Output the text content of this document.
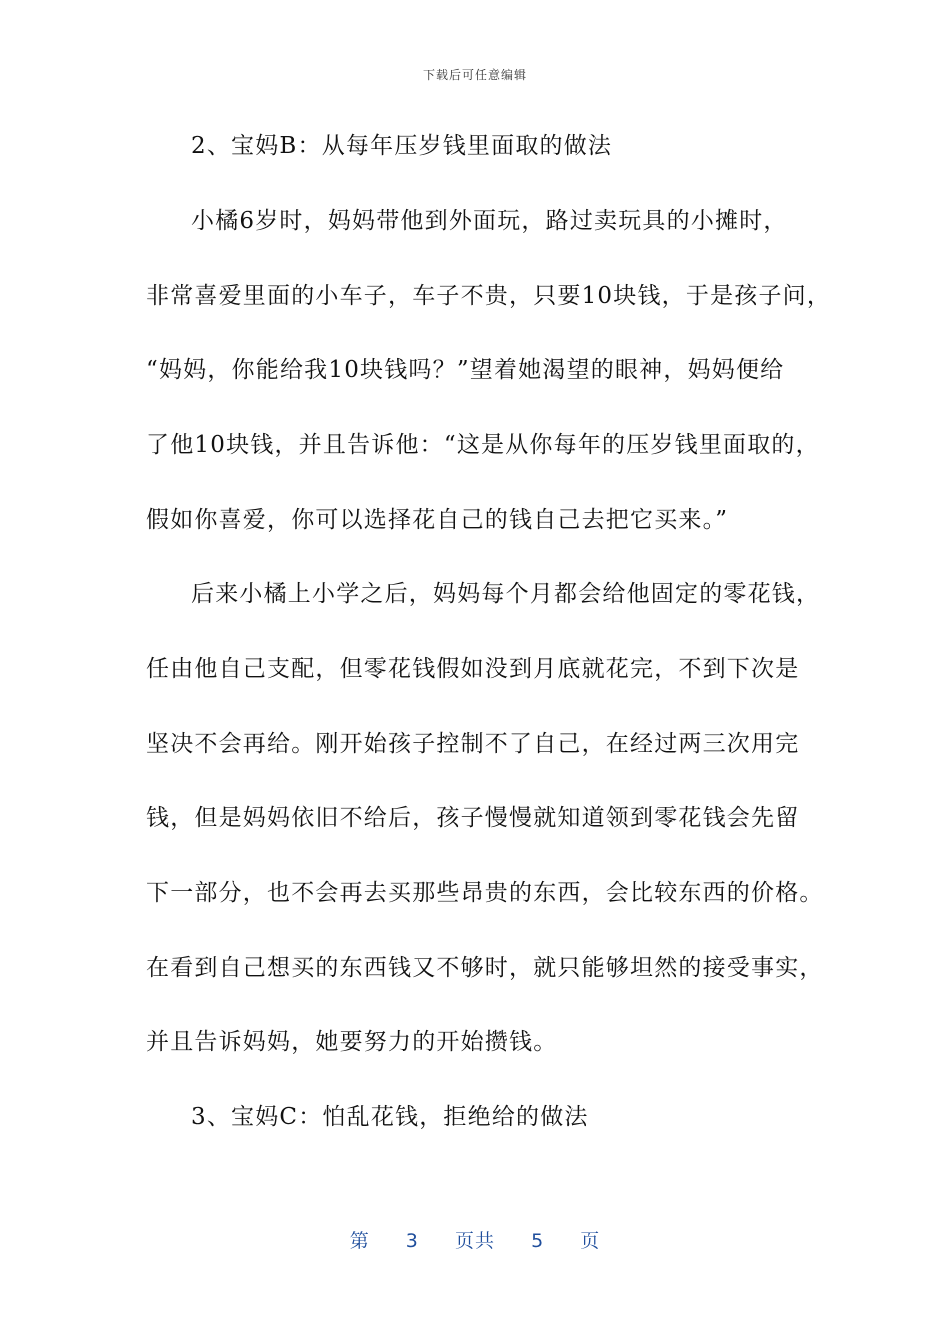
下载后可任意编辑
2、宝妈B：从每年压岁钱里面取的做法
小橘6岁时，妈妈带他到外面玩，路过卖玩具的小摊时，
非常喜爱里面的小车子，车子不贵，只要10块钱，于是孩子问，
“妈妈，你能给我10块钱吗？”望着她渴望的眼神，妈妈便给
了他10块钱，并且告诉他：“这是从你每年的压岁钱里面取的，
假如你喜爱，你可以选择花自己的钱自己去把它买来。”
后来小橘上小学之后，妈妈每个月都会给他固定的零花钱，
任由他自己支配，但零花钱假如没到月底就花完，不到下次是
坚决不会再给。刚开始孩子控制不了自己，在经过两三次用完
钱，但是妈妈依旧不给后，孩子慢慢就知道领到零花钱会先留
下一部分，也不会再去买那些昂贵的东西，会比较东西的价格。
在看到自己想买的东西钱又不够时，就只能够坦然的接受事实，
并且告诉妈妈，她要努力的开始攒钱。
3、宝妈C：怕乱花钱，拒绝给的做法
第 3 页共 5 页
